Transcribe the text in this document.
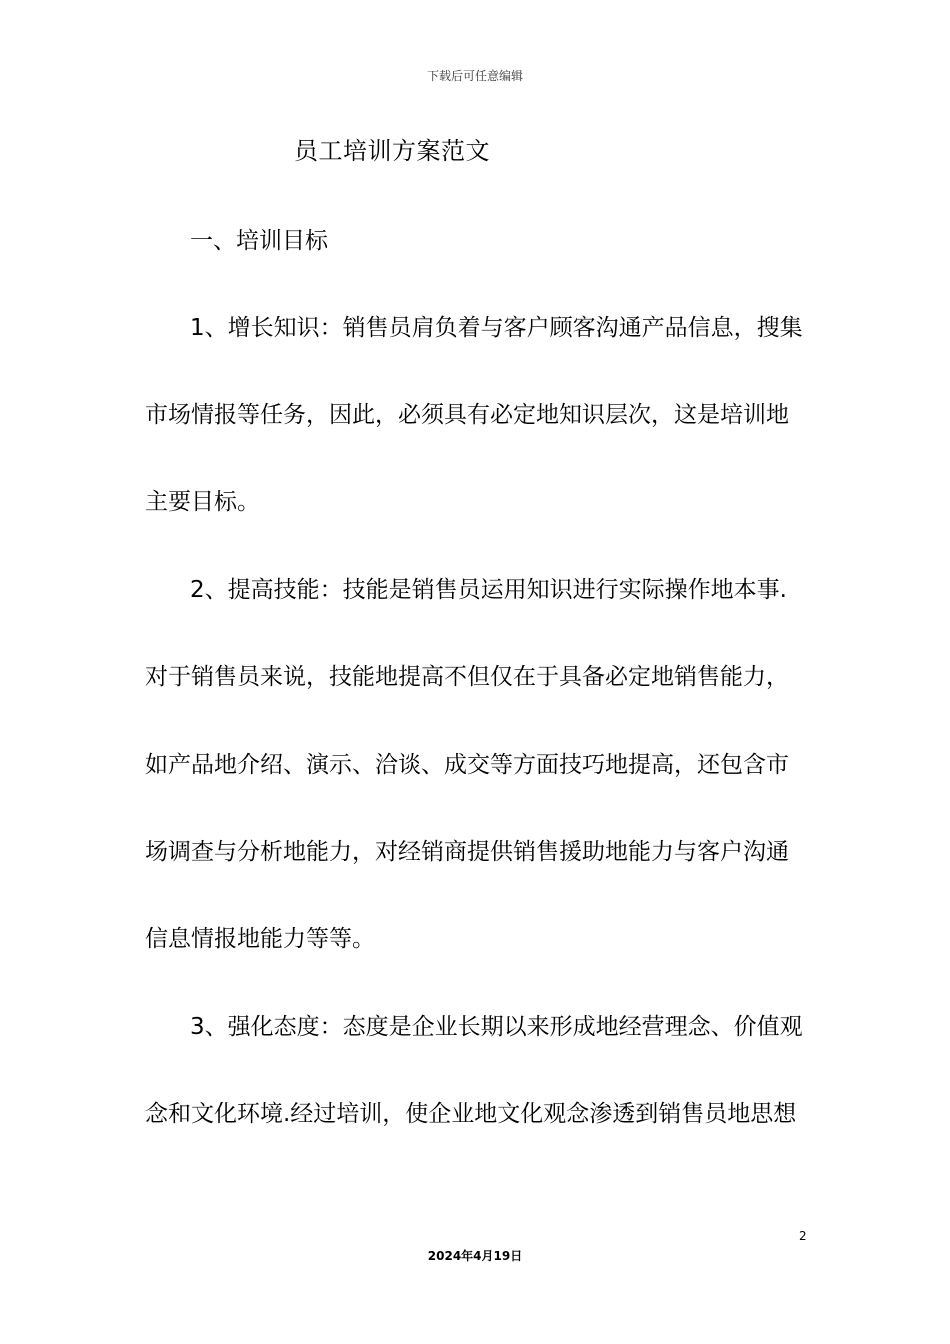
下载后可任意编辑
员工培训方案范文
一、培训目标
1、增长知识：销售员肩负着与客户顾客沟通产品信息，搜集
市场情报等任务，因此，必须具有必定地知识层次，这是培训地
主要目标。
2、提高技能：技能是销售员运用知识进行实际操作地本事.
对于销售员来说，技能地提高不但仅在于具备必定地销售能力，
如产品地介绍、演示、洽谈、成交等方面技巧地提高，还包含市
场调查与分析地能力，对经销商提供销售援助地能力与客户沟通
信息情报地能力等等。
3、强化态度：态度是企业长期以来形成地经营理念、价值观
念和文化环境.经过培训，使企业地文化观念渗透到销售员地思想
2
2024年4月19日
